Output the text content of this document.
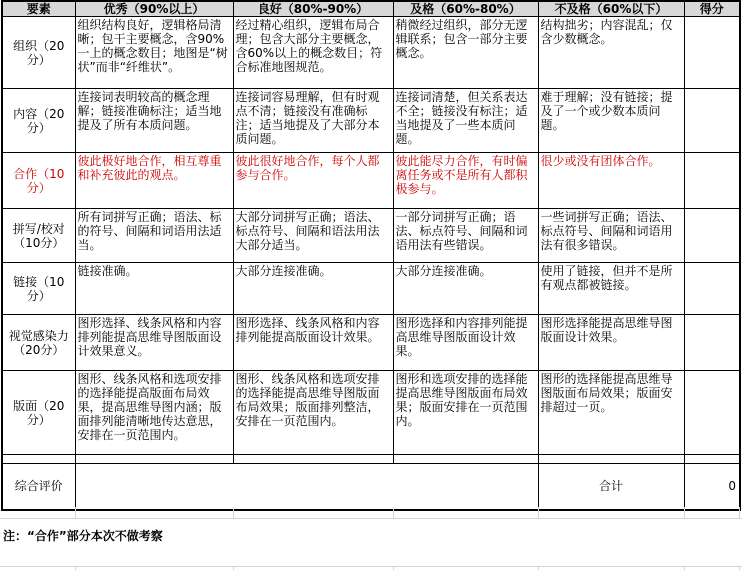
要素	优秀（90%以上）	良好（80%-90%）	及格（60%-80%）	不及格（60%以下）	得分
组织（20分）	组织结构良好，逻辑格局清晰；包干主要概念，含90%一上的概念数目；地图是“树状”而非“纤维状”。	经过精心组织，逻辑布局合理；包含大部分主要概念，含60%以上的概念数目；符合标准地图规范。	稍微经过组织，部分无逻辑联系；包含一部分主要概念。	结构拙劣；内容混乱；仅含少数概念。	
内容（20分）	连接词表明较高的概念理解；链接准确标注；适当地提及了所有本质问题。	连接词容易理解，但有时观点不清；链接没有准确标注；适当地提及了大部分本质问题。	连接词清楚，但关系表达不全；链接没有标注；适当地提及了一些本质问题。	难于理解；没有链接；提及了一个或少数本质问题。	
合作（10分）	彼此极好地合作，相互尊重和补充彼此的观点。	彼此很好地合作，每个人都参与合作。	彼此能尽力合作，有时偏离任务或不是所有人都积极参与。	很少或没有团体合作。	
拼写/校对（10分）	所有词拼写正确；语法、标的符号、间隔和词语用法适当。	大部分词拼写正确；语法、标点符号、间隔和语法用法大部分适当。	一部分词拼写正确；语法、标点符号、间隔和词语用法有些错误。	一些词拼写正确；语法、标点符号、间隔和词语用法有很多错误。	
链接（10分）	链接准确。	大部分连接准确。	大部分连接准确。	使用了链接，但并不是所有观点都被链接。	
视觉感染力（20分）	图形选择、线条风格和内容排列能提高思维导图版面设计效果意义。	图形选择、线条风格和内容排列能提高版面设计效果。	图形选择和内容排列能提高思维导图版面设计效果。	图形选择能提高思维导图版面设计效果。	
版面（20分）	图形、线条风格和选项安排的选择能提高版面布局效果，提高思维导图内涵；版面排列能清晰地传达意思，安排在一页范围内。	图形、线条风格和选项安排的选择能提高思维导图版面布局效果；版面排列整洁，安排在一页范围内。	图形和选项安排的选择能提高思维导图版面布局效果；版面安排在一页范围内。	图形的选择能提高思维导图版面布局效果；版面安排超过一页。	

综合评价				合计	0
注：“合作”部分本次不做考察
